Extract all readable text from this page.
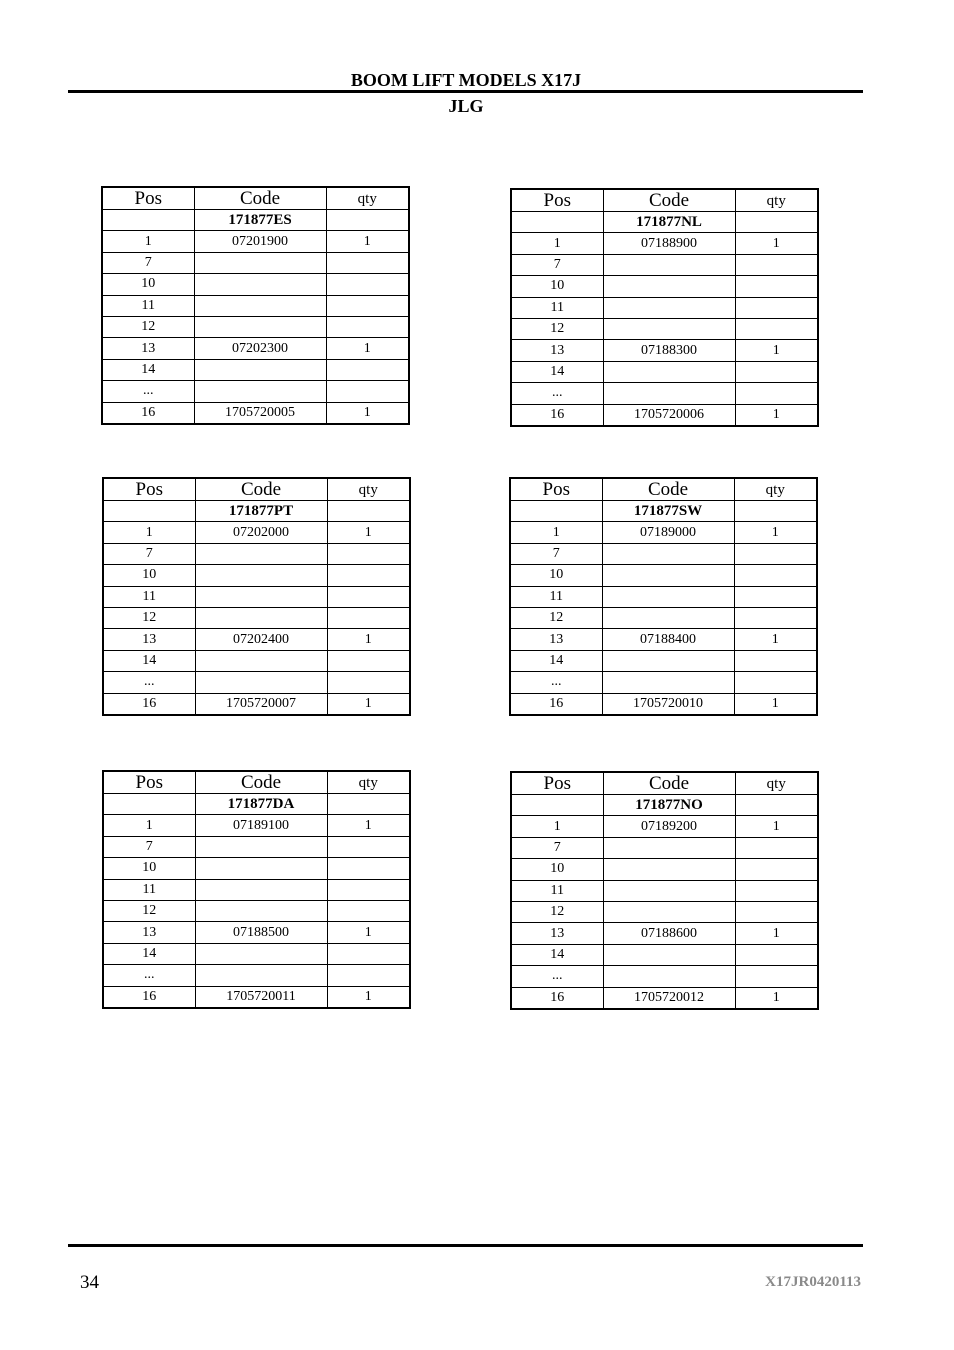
BOOM LIFT MODELS X17J
JLG
Pos	Code	qty
	171877ES	
1	07201900	1
7		
10		
11		
12		
13	07202300	1
14		
...		
16	1705720005	1
Pos	Code	qty
	171877NL	
1	07188900	1
7		
10		
11		
12		
13	07188300	1
14		
...		
16	1705720006	1
Pos	Code	qty
	171877PT	
1	07202000	1
7		
10		
11		
12		
13	07202400	1
14		
...		
16	1705720007	1
Pos	Code	qty
	171877SW	
1	07189000	1
7		
10		
11		
12		
13	07188400	1
14		
...		
16	1705720010	1
Pos	Code	qty
	171877DA	
1	07189100	1
7		
10		
11		
12		
13	07188500	1
14		
...		
16	1705720011	1
Pos	Code	qty
	171877NO	
1	07189200	1
7		
10		
11		
12		
13	07188600	1
14		
...		
16	1705720012	1
34	X17JR0420113
